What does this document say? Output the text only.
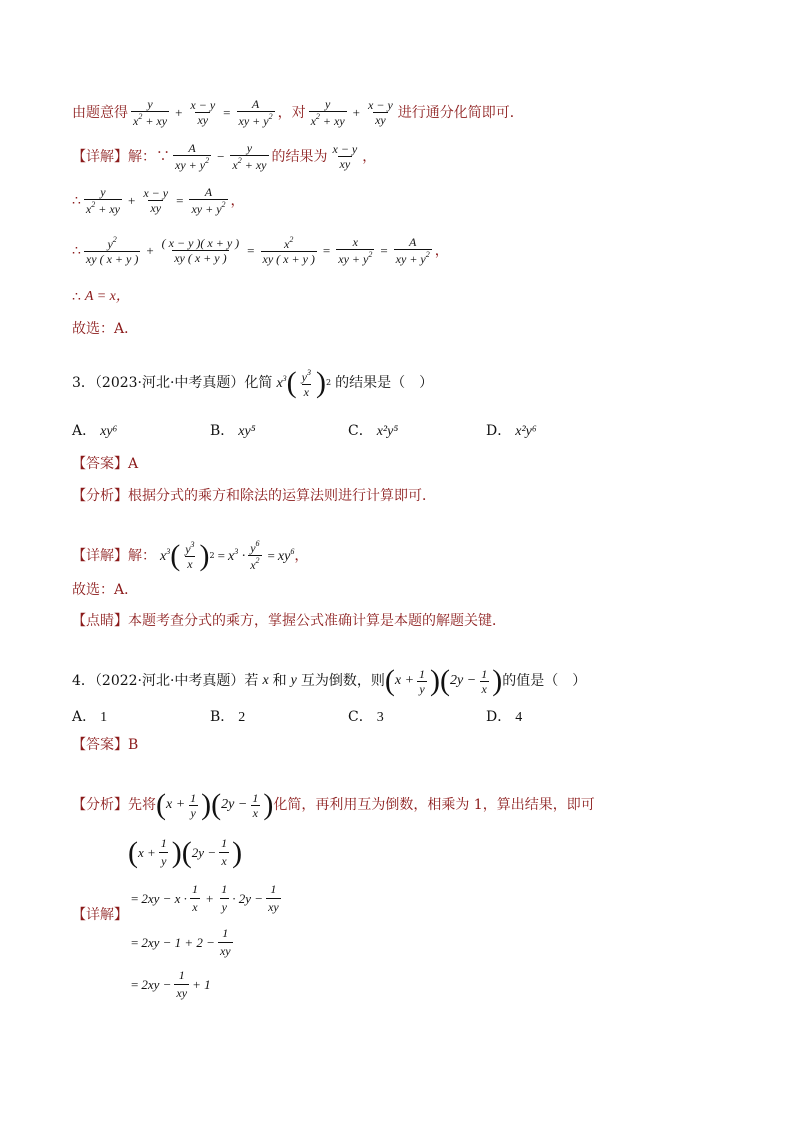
由题意得 $\frac{y}{x^2 + xy} + \frac{x - y}{xy} = \frac{A}{xy + y^2}$ ，对 $\frac{y}{x^2 + xy} + \frac{x - y}{xy}$ 进行通分化简即可．
【详解】 解：∵ $\frac{A}{xy + y^2} - \frac{y}{x^2 + xy}$ 的结果为 $\frac{x - y}{xy}$ ，
∴ $\frac{y}{x^2 + xy} + \frac{x - y}{xy} = \frac{A}{xy + y^2}$ ，
∴ $\frac{y^2}{xy ( x + y )} + \frac{( x - y )( x + y )}{xy ( x + y )} = \frac{x^2}{xy ( x + y )} = \frac{x}{xy + y^2} = \frac{A}{xy + y^2}$ ，
∴ A = x，
故选：A．
3．（2023·河北·中考真题）化简 $x^3$ ( $\frac{y^3}{x}$ ) 2 的结果是（　）
A． xy⁶	B． xy⁵	C． x²y⁵	D． x²y⁶
【答案】 A
【分析】 根据分式的乘方和除法的运算法则进行计算即可．
【详解】 解： $x^3$ ( $\frac{y^3}{x}$ ) $2 = x^3 \cdot \frac{y^6}{x^2} = xy^6$ ，
故选：A．
【点睛】 本题考查分式的乘方，掌握公式准确计算是本题的解题关键．
4．（2022·河北·中考真题）若 x 和 y 互为倒数，则 ( $x + \frac{1}{y}$ ) ( $2y - \frac{1}{x}$ ) 的值是（　）
A． 1	B． 2	C． 3	D． 4
【答案】 B
【分析】 先将 ( $x + \frac{1}{y}$ ) ( $2y - \frac{1}{x}$ ) 化简，再利用互为倒数，相乘为 1，算出结果，即可
【详解】
( $x + \frac{1}{y}$ ) ( $2y - \frac{1}{x}$ )
= $2xy - x \cdot \frac{1}{x} + \frac{1}{y} \cdot 2y - \frac{1}{xy}$
= $2xy - 1 + 2 - \frac{1}{xy}$
= $2xy - \frac{1}{xy} + 1$
